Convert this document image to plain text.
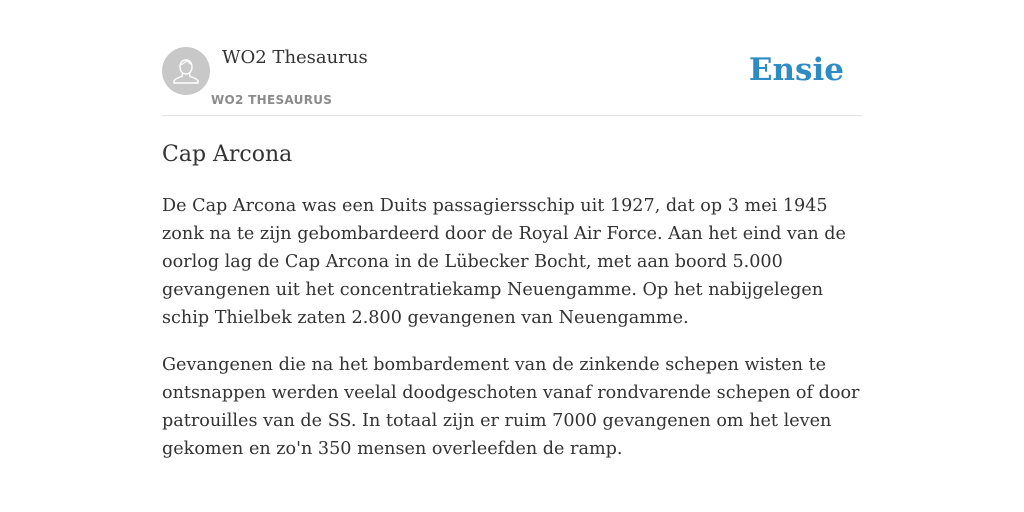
WO2 Thesaurus
WO2 THESAURUS
Ensie
Cap Arcona

De Cap Arcona was een Duits passagiersschip uit 1927, dat op 3 mei 1945 zonk na te zijn gebombardeerd door de Royal Air Force. Aan het eind van de oorlog lag de Cap Arcona in de Lübecker Bocht, met aan boord 5.000 gevangenen uit het concentratiekamp Neuengamme. Op het nabijgelegen schip Thielbek zaten 2.800 gevangenen van Neuengamme.

Gevangenen die na het bombardement van de zinkende schepen wisten te ontsnappen werden veelal doodgeschoten vanaf rondvarende schepen of door patrouilles van de SS. In totaal zijn er ruim 7000 gevangenen om het leven gekomen en zo'n 350 mensen overleefden de ramp.
